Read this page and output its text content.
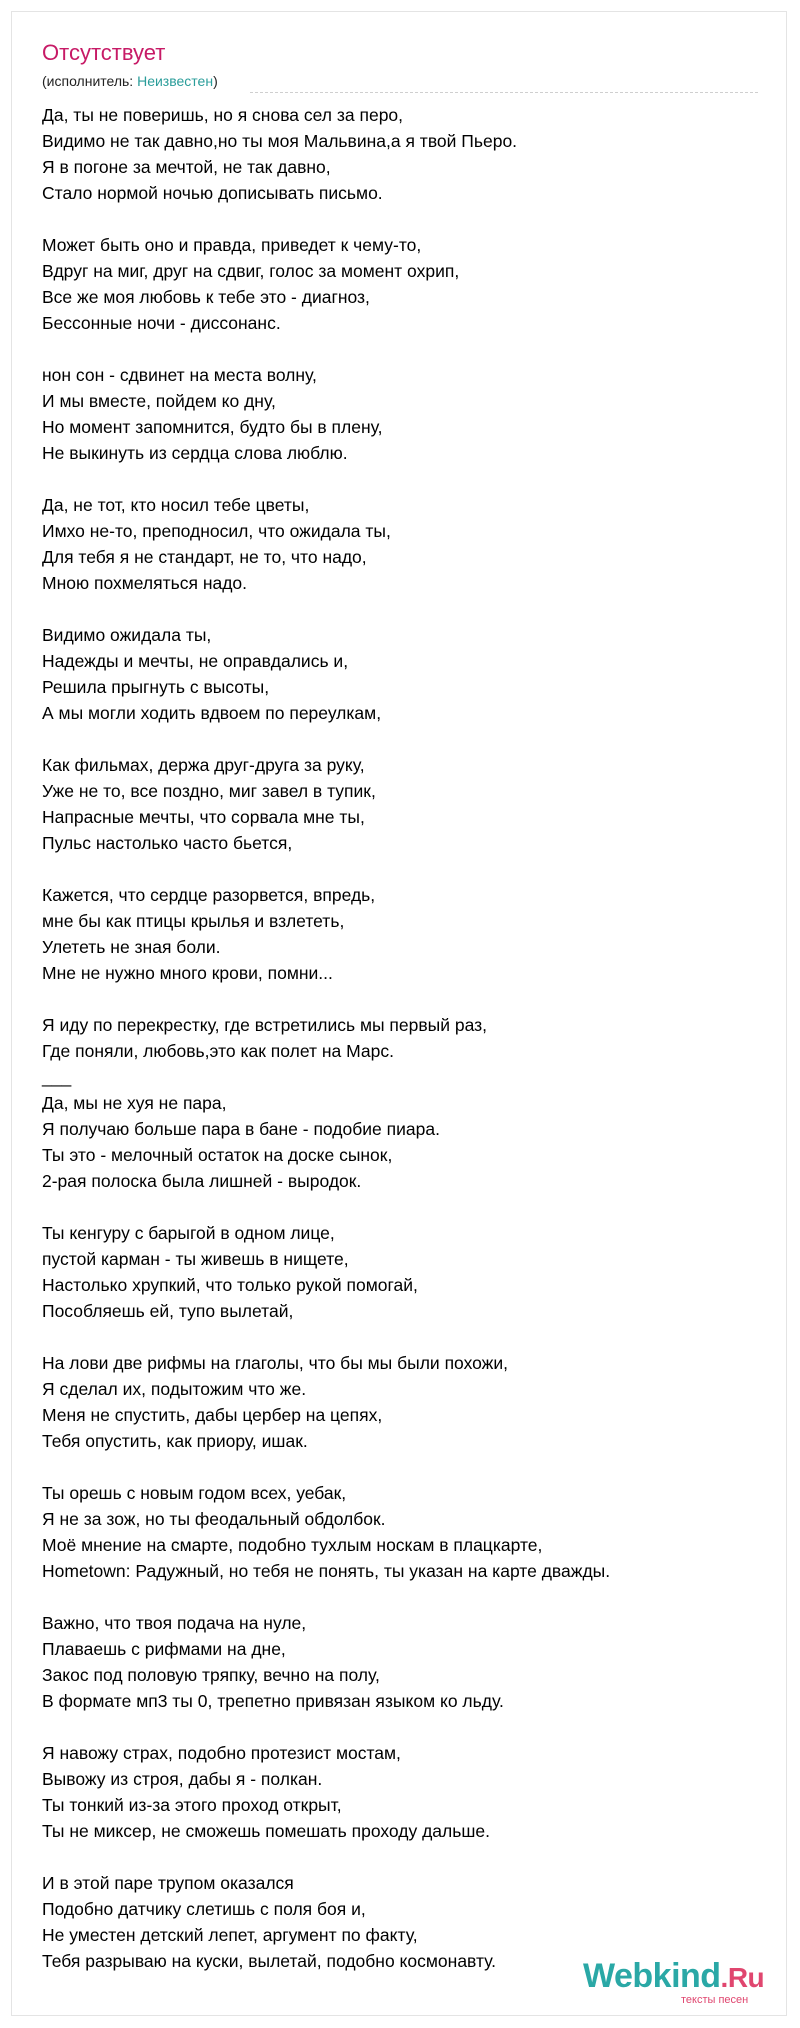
Отсутствует
(исполнитель: Неизвестен)
Да, ты не поверишь, но я снова сел за перо,
Видимо не так давно,но ты моя Мальвина,а я твой Пьеро.
Я в погоне за мечтой, не так давно,
Стало нормой ночью дописывать письмо.
Может быть оно и правда, приведет к чему-то,
Вдруг на миг, друг на сдвиг, голос за момент охрип,
Все же моя любовь к тебе это - диагноз,
Бессонные ночи - диссонанс.
нон сон - сдвинет на места волну,
И мы вместе, пойдем ко дну,
Но момент запомнится, будто бы в плену,
Не выкинуть из сердца слова люблю.
Да, не тот, кто носил тебе цветы,
Имхо не-то, преподносил, что ожидала ты,
Для тебя я не стандарт, не то, что надо,
Мною похмеляться надо.
Видимо ожидала ты,
Надежды и мечты, не оправдались и,
Решила прыгнуть с высоты,
А мы могли ходить вдвоем по переулкам,
Как фильмах, держа друг-друга за руку,
Уже не то, все поздно, миг завел в тупик,
Напрасные мечты, что сорвала мне ты,
Пульс настолько часто бьется,
Кажется, что сердце разорвется, впредь,
мне бы как птицы крылья и взлететь,
Улететь не зная боли.
Мне не нужно много крови, помни...
Я иду по перекрестку, где встретились мы первый раз,
Где поняли, любовь,это как полет на Марс.
___
Да, мы не хуя не пара,
Я получаю больше пара в бане - подобие пиара.
Ты это - мелочный остаток на доске сынок,
2-рая полоска была лишней - выродок.
Ты кенгуру с барыгой в одном лице,
пустой карман - ты живешь в нищете,
Настолько хрупкий, что только рукой помогай,
Пособляешь ей, тупо вылетай,
На лови две рифмы на глаголы, что бы мы были похожи,
Я сделал их, подытожим что же.
Меня не спустить, дабы цербер на цепях,
Тебя опустить, как приору, ишак.
Ты орешь с новым годом всех, уебак,
Я не за зож, но ты феодальный обдолбок.
Моё мнение на смарте, подобно тухлым носкам в плацкарте,
Hometown: Радужный, но тебя не понять, ты указан на карте дважды.
Важно, что твоя подача на нуле,
Плаваешь с рифмами на дне,
Закос под половую тряпку, вечно на полу,
В формате мп3 ты 0, трепетно привязан языком ко льду.
Я навожу страх, подобно протезист мостам,
Вывожу из строя, дабы я - полкан.
Ты тонкий из-за этого проход открыт,
Ты не миксер, не сможешь помешать проходу дальше.
И в этой паре трупом оказался
Подобно датчику слетишь с поля боя и,
Не уместен детский лепет, аргумент по факту,
Тебя разрываю на куски, вылетай, подобно космонавту.	Webkind.Ru
тексты песен
